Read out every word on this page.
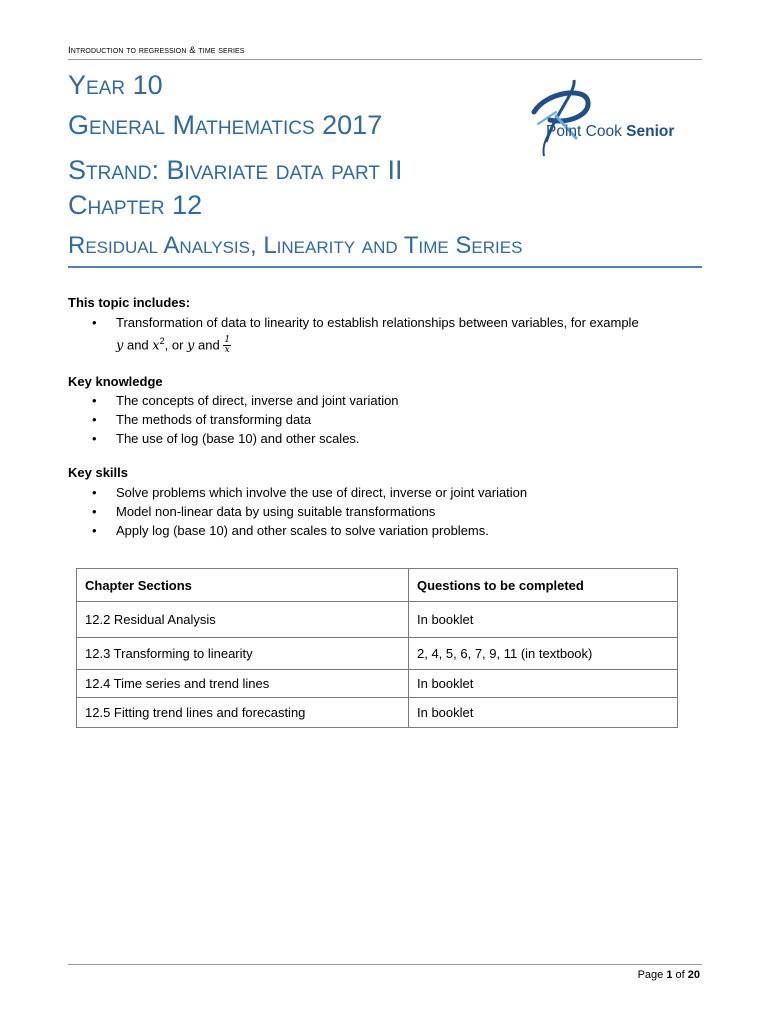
Introduction to regression & time series
Year 10
General Mathematics 2017
Strand: Bivariate data part II
Chapter 12
Residual Analysis, Linearity and Time Series
Point Cook Senior
This topic includes:
• Transformation of data to linearity to establish relationships between variables, for example
y and $x^2$, or y and $\frac{1}{x}$
Key knowledge
• The concepts of direct, inverse and joint variation
• The methods of transforming data
• The use of log (base 10) and other scales.
Key skills
• Solve problems which involve the use of direct, inverse or joint variation
• Model non-linear data by using suitable transformations
• Apply log (base 10) and other scales to solve variation problems.
Chapter Sections	Questions to be completed
12.2 Residual Analysis	In booklet
12.3 Transforming to linearity	2, 4, 5, 6, 7, 9, 11 (in textbook)
12.4 Time series and trend lines	In booklet
12.5 Fitting trend lines and forecasting	In booklet
Page 1 of 20
